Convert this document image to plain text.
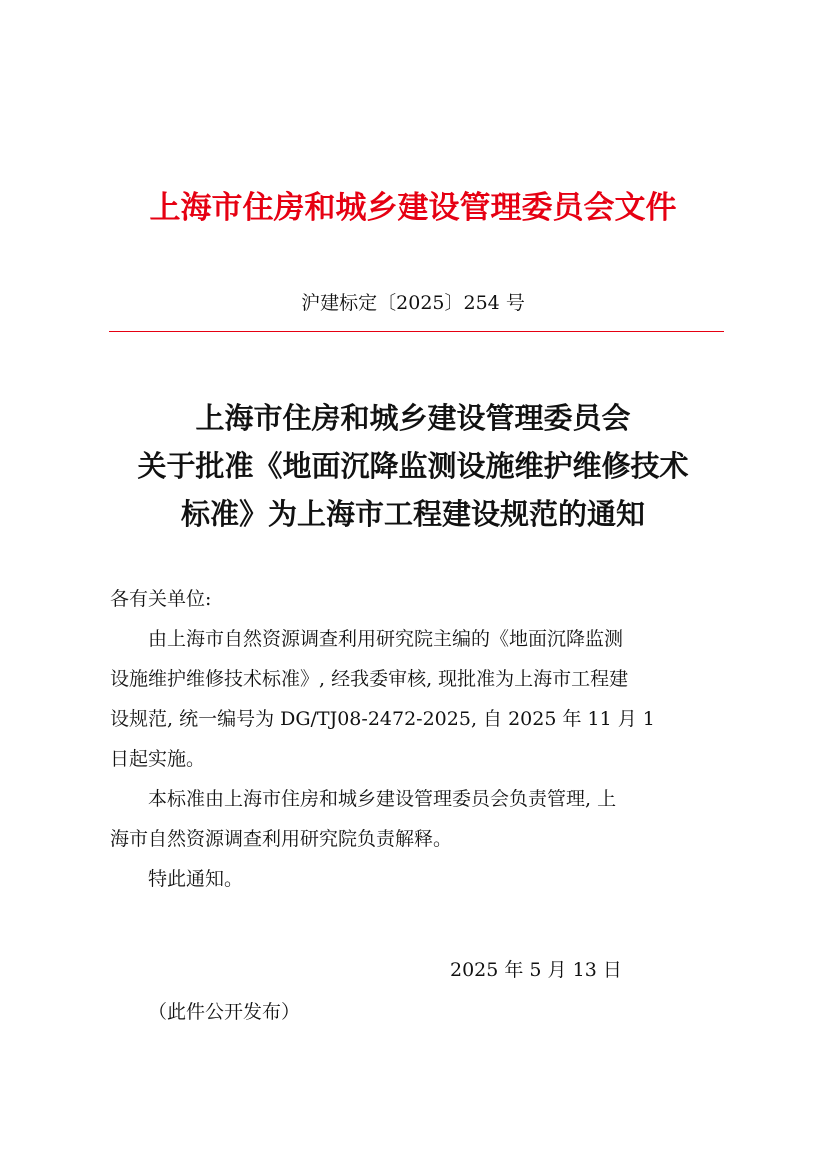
上海市住房和城乡建设管理委员会文件
沪建标定〔2025〕254 号
上海市住房和城乡建设管理委员会
关于批准《地面沉降监测设施维护维修技术
标准》为上海市工程建设规范的通知
各有关单位:
由上海市自然资源调查利用研究院主编的《地面沉降监测
设施维护维修技术标准》, 经我委审核, 现批准为上海市工程建
设规范, 统一编号为 DG/TJ08-2472-2025, 自 2025 年 11 月 1
日起实施。
本标准由上海市住房和城乡建设管理委员会负责管理, 上
海市自然资源调查利用研究院负责解释。
特此通知。
2025 年 5 月 13 日
（此件公开发布）
